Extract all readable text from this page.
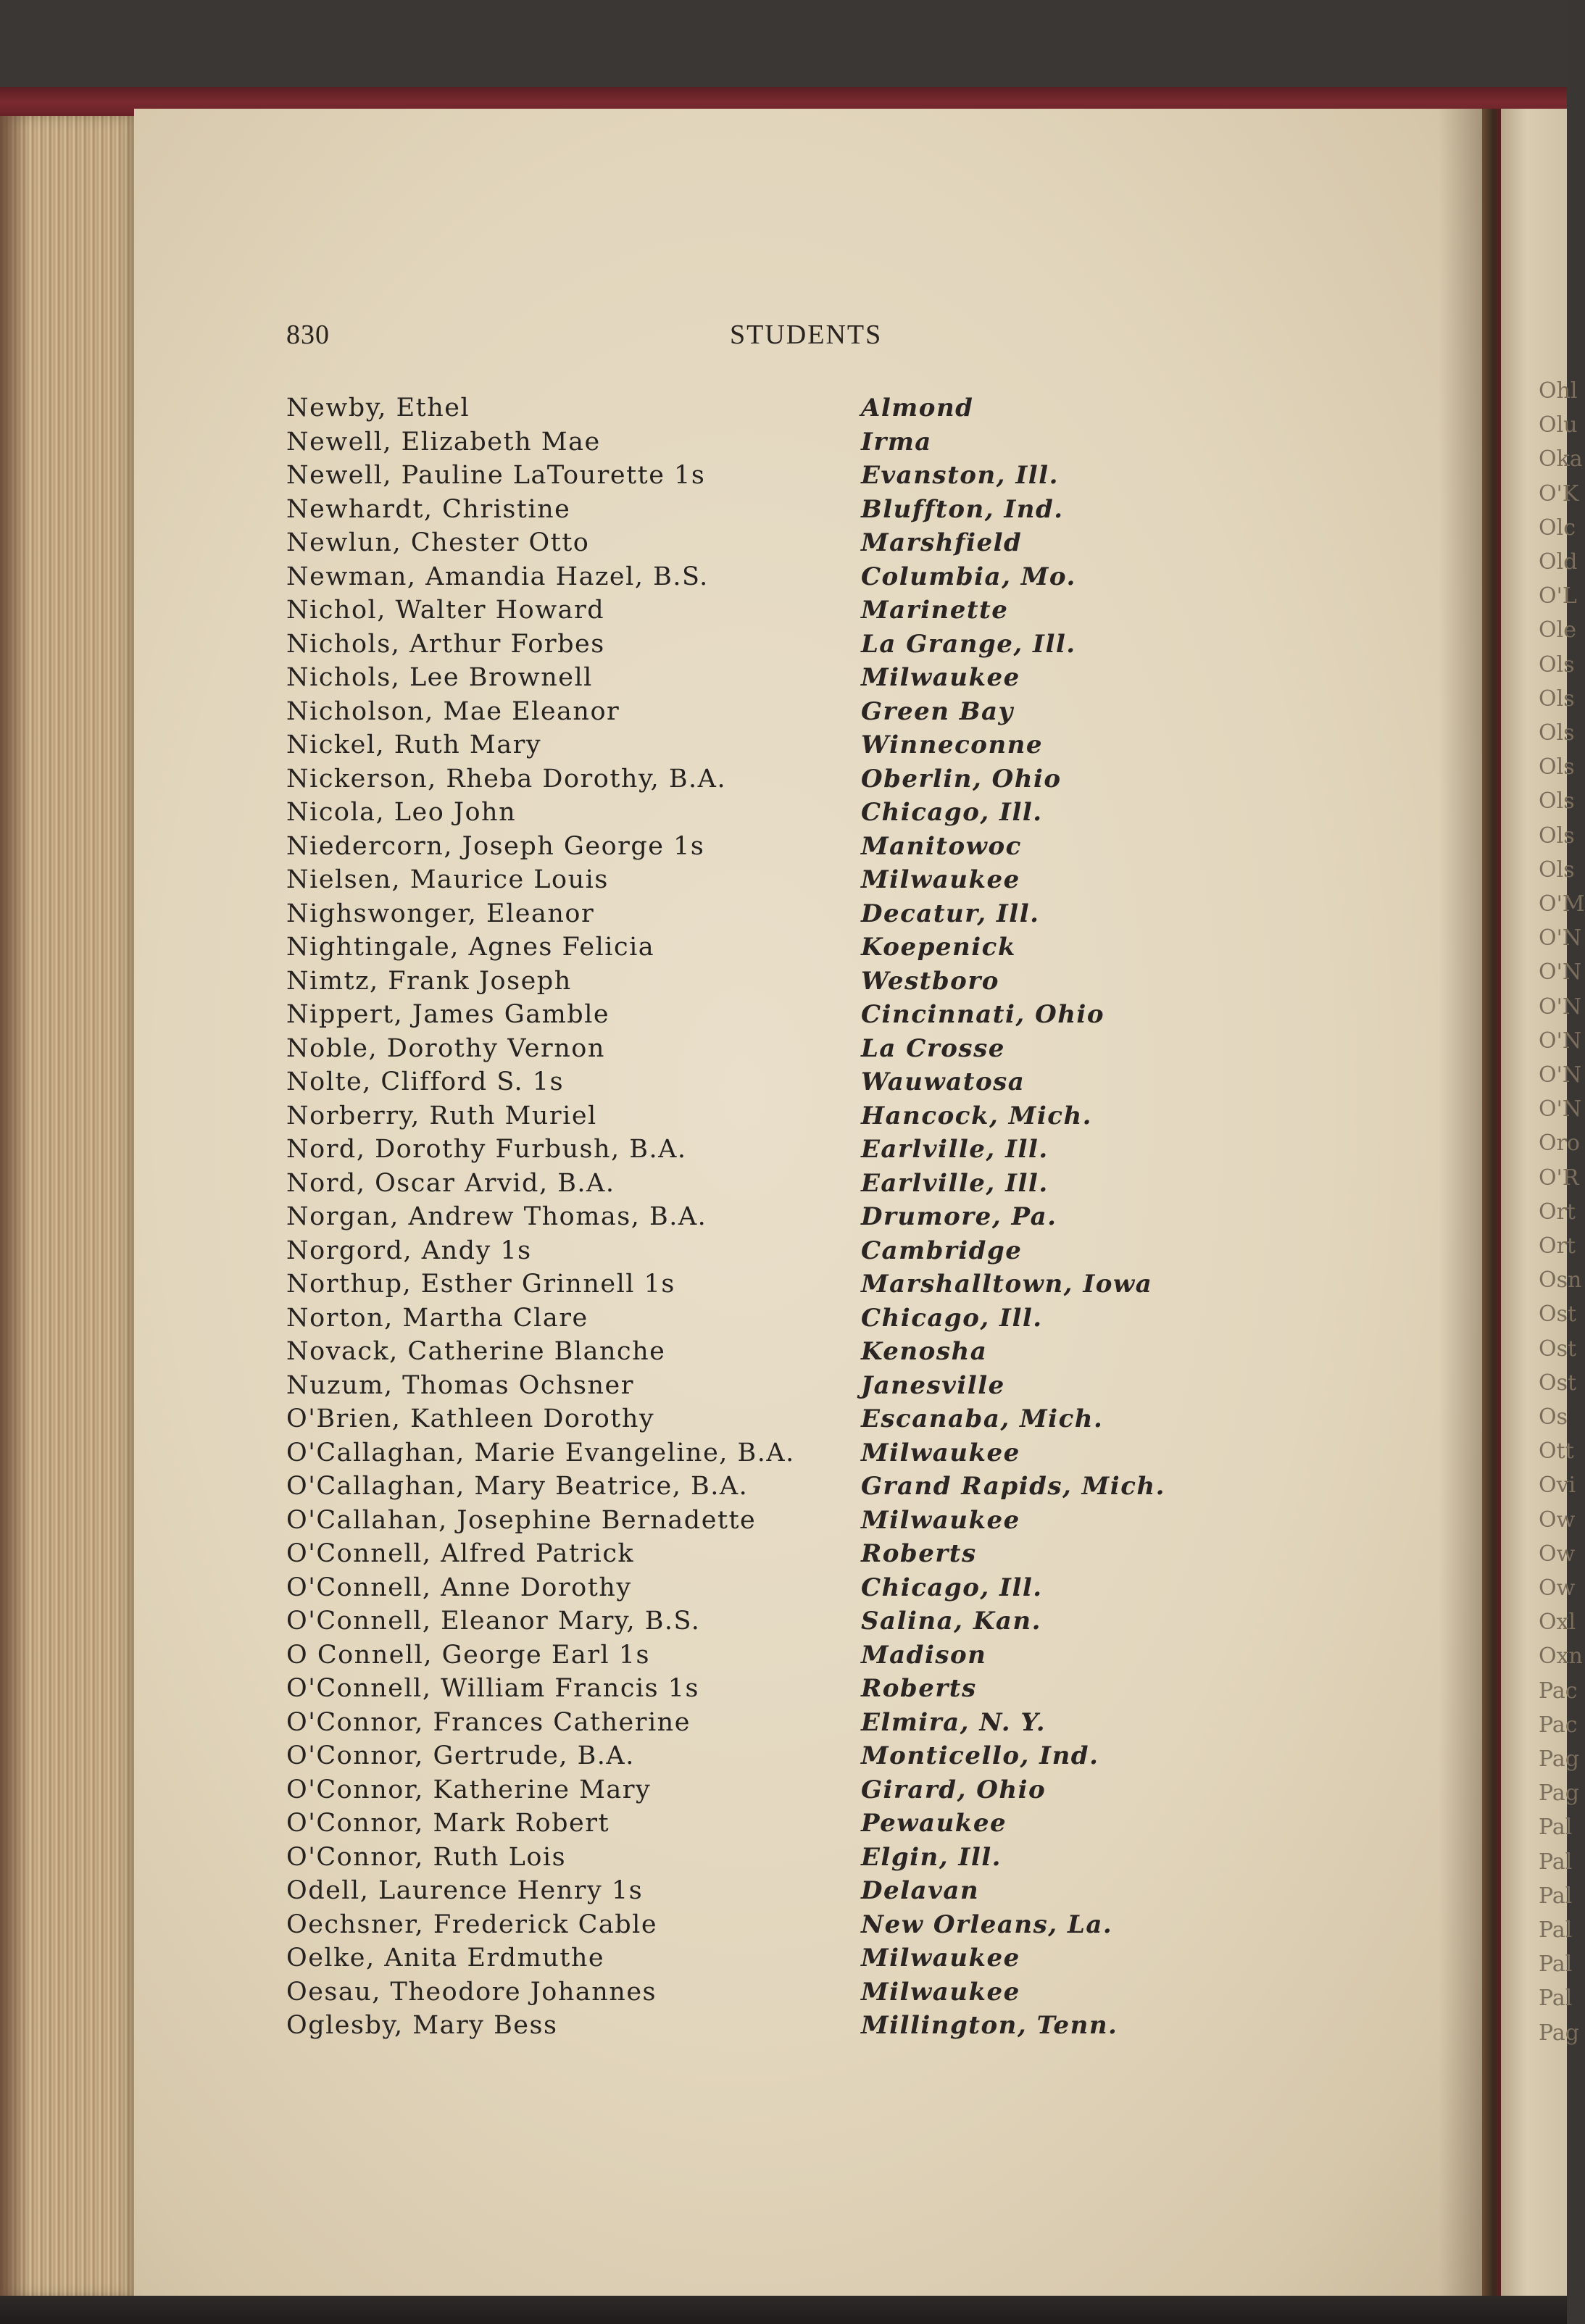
Ohl
Olu
Oka
O'K
Olc
Old
O'L
Ole
Ols
Ols
Ols
Ols
Ols
Ols
Ols
O'M
O'N
O'N
O'N
O'N
O'N
O'N
Oro
O'R
Ort
Ort
Osn
Ost
Ost
Ost
Os
Ott
Ovi
Ow
Ow
Ow
Oxl
Oxn
Pac
Pac
Pag
Pag
Pal
Pal
Pal
Pal
Pal
Pal
Pag
830	STUDENTS
Newby, Ethel	Almond
Newell, Elizabeth Mae	Irma
Newell, Pauline LaTourette 1s	Evanston, Ill.
Newhardt, Christine	Bluffton, Ind.
Newlun, Chester Otto	Marshfield
Newman, Amandia Hazel, B.S.	Columbia, Mo.
Nichol, Walter Howard	Marinette
Nichols, Arthur Forbes	La Grange, Ill.
Nichols, Lee Brownell	Milwaukee
Nicholson, Mae Eleanor	Green Bay
Nickel, Ruth Mary	Winneconne
Nickerson, Rheba Dorothy, B.A.	Oberlin, Ohio
Nicola, Leo John	Chicago, Ill.
Niedercorn, Joseph George 1s	Manitowoc
Nielsen, Maurice Louis	Milwaukee
Nighswonger, Eleanor	Decatur, Ill.
Nightingale, Agnes Felicia	Koepenick
Nimtz, Frank Joseph	Westboro
Nippert, James Gamble	Cincinnati, Ohio
Noble, Dorothy Vernon	La Crosse
Nolte, Clifford S. 1s	Wauwatosa
Norberry, Ruth Muriel	Hancock, Mich.
Nord, Dorothy Furbush, B.A.	Earlville, Ill.
Nord, Oscar Arvid, B.A.	Earlville, Ill.
Norgan, Andrew Thomas, B.A.	Drumore, Pa.
Norgord, Andy 1s	Cambridge
Northup, Esther Grinnell 1s	Marshalltown, Iowa
Norton, Martha Clare	Chicago, Ill.
Novack, Catherine Blanche	Kenosha
Nuzum, Thomas Ochsner	Janesville
O'Brien, Kathleen Dorothy	Escanaba, Mich.
O'Callaghan, Marie Evangeline, B.A.	Milwaukee
O'Callaghan, Mary Beatrice, B.A.	Grand Rapids, Mich.
O'Callahan, Josephine Bernadette	Milwaukee
O'Connell, Alfred Patrick	Roberts
O'Connell, Anne Dorothy	Chicago, Ill.
O'Connell, Eleanor Mary, B.S.	Salina, Kan.
O Connell, George Earl 1s	Madison
O'Connell, William Francis 1s	Roberts
O'Connor, Frances Catherine	Elmira, N. Y.
O'Connor, Gertrude, B.A.	Monticello, Ind.
O'Connor, Katherine Mary	Girard, Ohio
O'Connor, Mark Robert	Pewaukee
O'Connor, Ruth Lois	Elgin, Ill.
Odell, Laurence Henry 1s	Delavan
Oechsner, Frederick Cable	New Orleans, La.
Oelke, Anita Erdmuthe	Milwaukee
Oesau, Theodore Johannes	Milwaukee
Oglesby, Mary Bess	Millington, Tenn.
